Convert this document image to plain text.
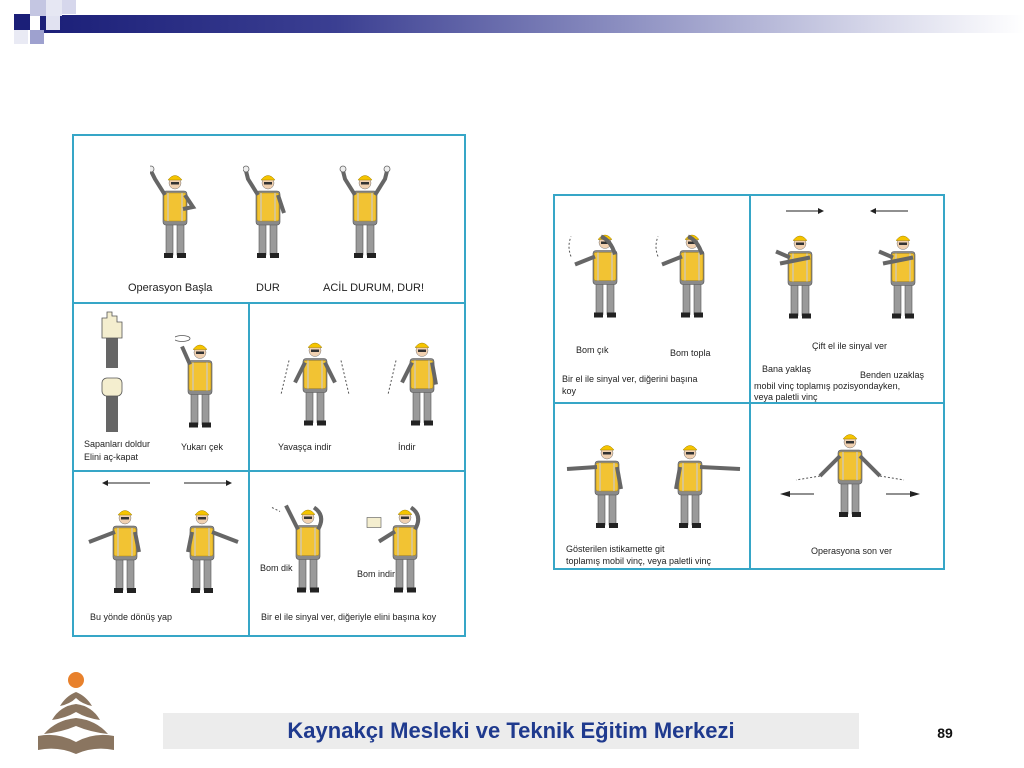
Operasyon Başla	DUR	ACİL DURUM, DUR!
Sapanları doldur
Elini aç-kapat
Yukarı çek	Yavaşça indir	İndir
Bu yönde dönüş yap
Bom dik
Bom indir
Bir el ile sinyal ver, diğeriyle elini başına koy
Bom çık	Bom topla
Bir el ile sinyal ver, diğerini başına
koy
Çift el ile sinyal ver
Bana yaklaş
Benden uzaklaş
mobil vinç toplamış pozisyondayken,
veya paletli vinç
Gösterilen istikamette git
toplamış mobil vinç, veya paletli vinç
Operasyona son ver
Kaynakçı Mesleki ve Teknik Eğitim Merkezi	89
